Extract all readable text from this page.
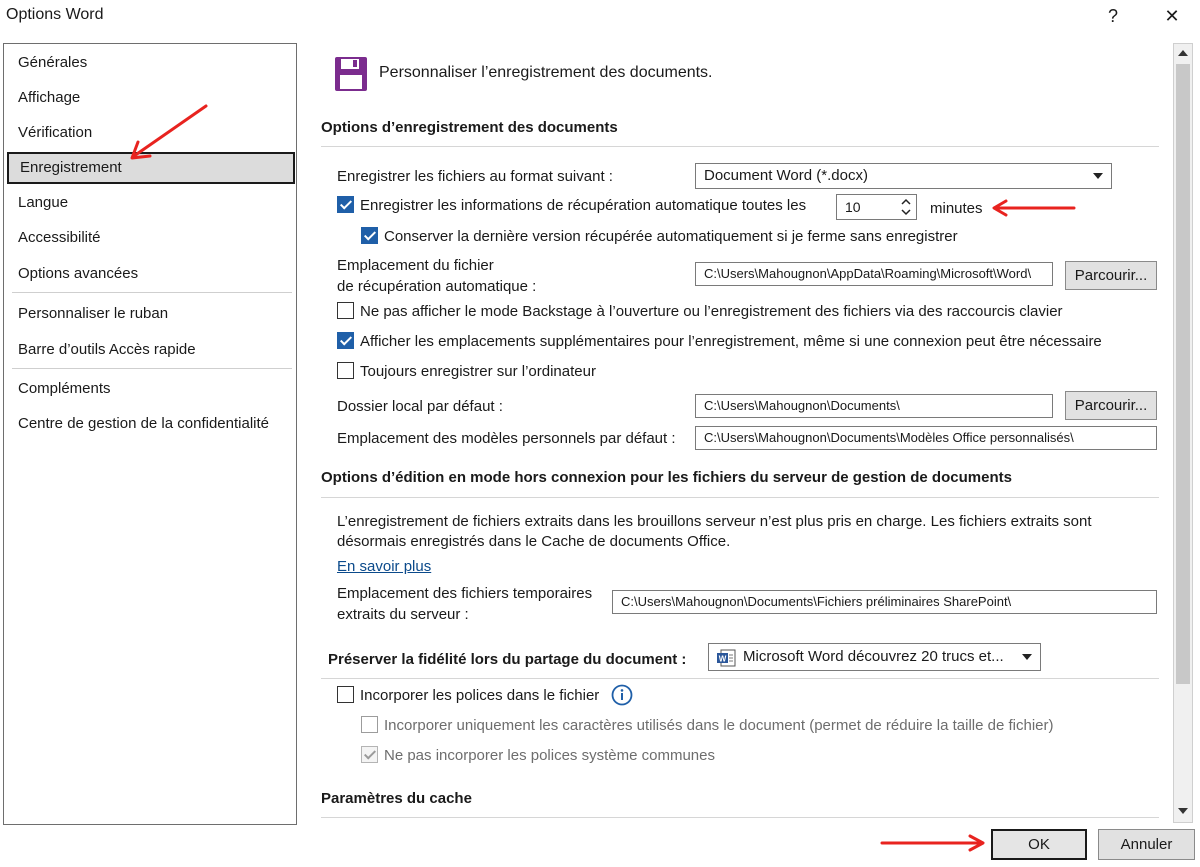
Options Word	?	✕
Générales
Affichage
Vérification
Enregistrement
Langue
Accessibilité
Options avancées
Personnaliser le ruban
Barre d’outils Accès rapide
Compléments
Centre de gestion de la confidentialité
Personnaliser l’enregistrement des documents.
Options d’enregistrement des documents
Enregistrer les fichiers au format suivant :	Document Word (*.docx)
Enregistrer les informations de récupération automatique toutes les	10	minutes
Conserver la dernière version récupérée automatiquement si je ferme sans enregistrer
Emplacement du fichier
de récupération automatique :
C:\Users\Mahougnon\AppData\Roaming\Microsoft\Word\	Parcourir...
Ne pas afficher le mode Backstage à l’ouverture ou l’enregistrement des fichiers via des raccourcis clavier
Afficher les emplacements supplémentaires pour l’enregistrement, même si une connexion peut être nécessaire
Toujours enregistrer sur l’ordinateur
Dossier local par défaut :	C:\Users\Mahougnon\Documents\	Parcourir...
Emplacement des modèles personnels par défaut :	C:\Users\Mahougnon\Documents\Modèles Office personnalisés\
Options d’édition en mode hors connexion pour les fichiers du serveur de gestion de documents
L’enregistrement de fichiers extraits dans les brouillons serveur n’est plus pris en charge. Les fichiers extraits sont
désormais enregistrés dans le Cache de documents Office.
En savoir plus
Emplacement des fichiers temporaires
extraits du serveur :
C:\Users\Mahougnon\Documents\Fichiers préliminaires SharePoint\
Préserver la fidélité lors du partage du document :	W Microsoft Word découvrez 20 trucs et...
Incorporer les polices dans le fichier
Incorporer uniquement les caractères utilisés dans le document (permet de réduire la taille de fichier)
Ne pas incorporer les polices système communes
Paramètres du cache
OK	Annuler
